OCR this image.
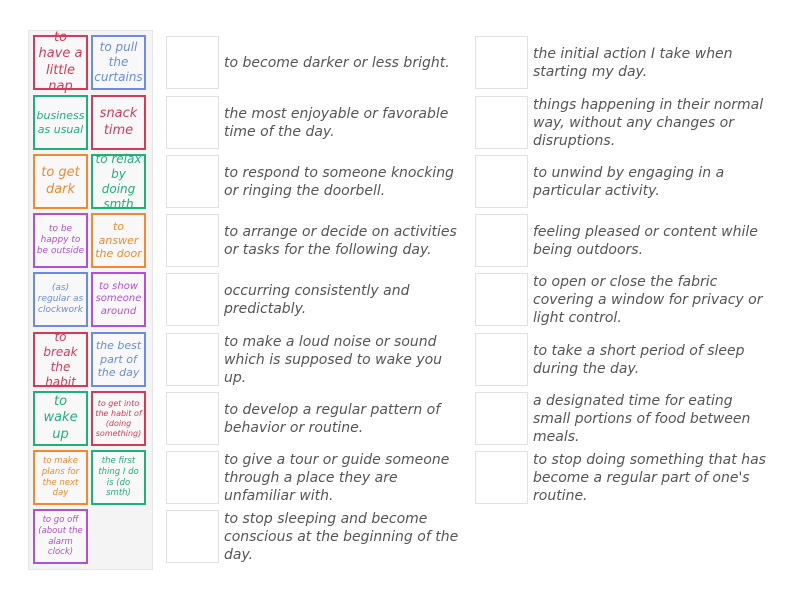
to have a little nap
to pull the curtains
business as usual
snack time
to get dark
to relax by doing smth
to be happy to be outside
to answer the door
(as) regular as clockwork
to show someone around
to break the habit
the best part of the day
to wake up
to get into the habit of (doing something)
to make plans for the next day
the first thing I do is (do smth)
to go off (about the alarm clock)
to become darker or less bright.
the most enjoyable or favorable time of the day.
to respond to someone knocking or ringing the doorbell.
to arrange or decide on activities or tasks for the following day.
occurring consistently and predictably.
to make a loud noise or sound which is supposed to wake you up.
to develop a regular pattern of behavior or routine.
to give a tour or guide someone through a place they are unfamiliar with.
to stop sleeping and become conscious at the beginning of the day.
the initial action I take when starting my day.
things happening in their normal way, without any changes or disruptions.
to unwind by engaging in a particular activity.
feeling pleased or content while being outdoors.
to open or close the fabric covering a window for privacy or light control.
to take a short period of sleep during the day.
a designated time for eating small portions of food between meals.
to stop doing something that has become a regular part of one's routine.
